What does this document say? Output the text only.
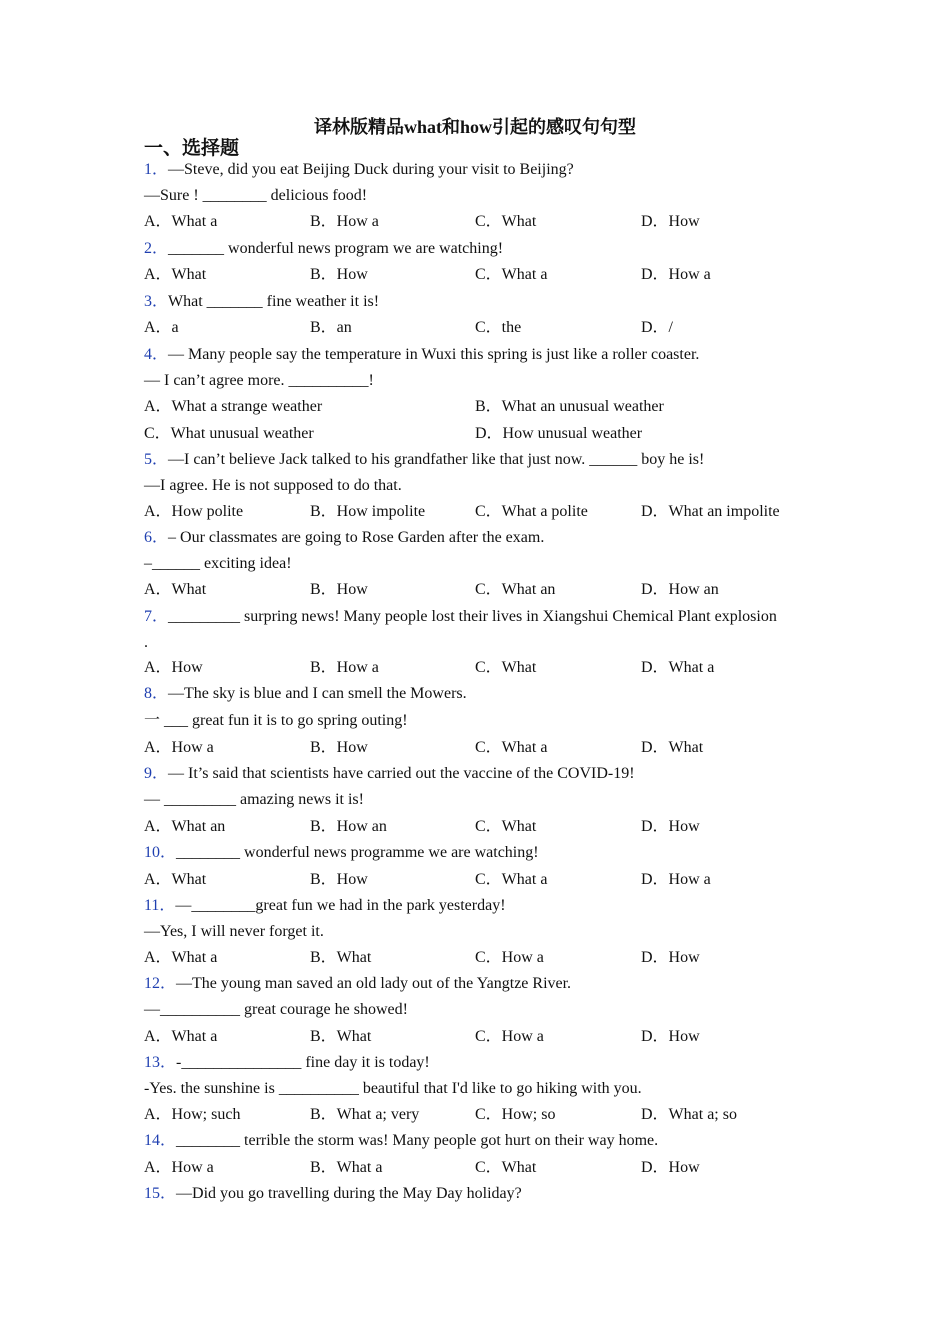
译林版精品what和how引起的感叹句句型
一、选择题
1．—Steve, did you eat Beijing Duck during your visit to Beijing?
—Sure ! ________ delicious food!
A．What a	B．How a	C．What	D．How
2．_______ wonderful news program we are watching!
A．What	B．How	C．What a	D．How a
3．What _______ fine weather it is!
A．a	B．an	C．the	D．/
4．— Many people say the temperature in Wuxi this spring is just like a roller coaster.
— I can’t agree more. __________!
A．What a strange weather	B．What an unusual weather
C．What unusual weather	D．How unusual weather
5．—I can’t believe Jack talked to his grandfather like that just now. ______ boy he is!
—I agree. He is not supposed to do that.
A．How polite	B．How impolite	C．What a polite	D．What an impolite
6．– Our classmates are going to Rose Garden after the exam.
–______ exciting idea!
A．What	B．How	C．What an	D．How an
7．_________ surpring news! Many people lost their lives in Xiangshui Chemical Plant explosion
.
A．How	B．How a	C．What	D．What a
8．—The sky is blue and I can smell the Mowers.
一 ___ great fun it is to go spring outing!
A．How a	B．How	C．What a	D．What
9．— It’s said that scientists have carried out the vaccine of the COVID-19!
— _________ amazing news it is!
A．What an	B．How an	C．What	D．How
10．________ wonderful news programme we are watching!
A．What	B．How	C．What a	D．How a
11．—________great fun we had in the park yesterday!
—Yes, I will never forget it.
A．What a	B．What	C．How a	D．How
12．—The young man saved an old lady out of the Yangtze River.
—__________ great courage he showed!
A．What a	B．What	C．How a	D．How
13．-_______________ fine day it is today!
-Yes. the sunshine is __________ beautiful that I'd like to go hiking with you.
A．How; such	B．What a; very	C．How; so	D．What a; so
14．________ terrible the storm was! Many people got hurt on their way home.
A．How a	B．What a	C．What	D．How
15．—Did you go travelling during the May Day holiday?
